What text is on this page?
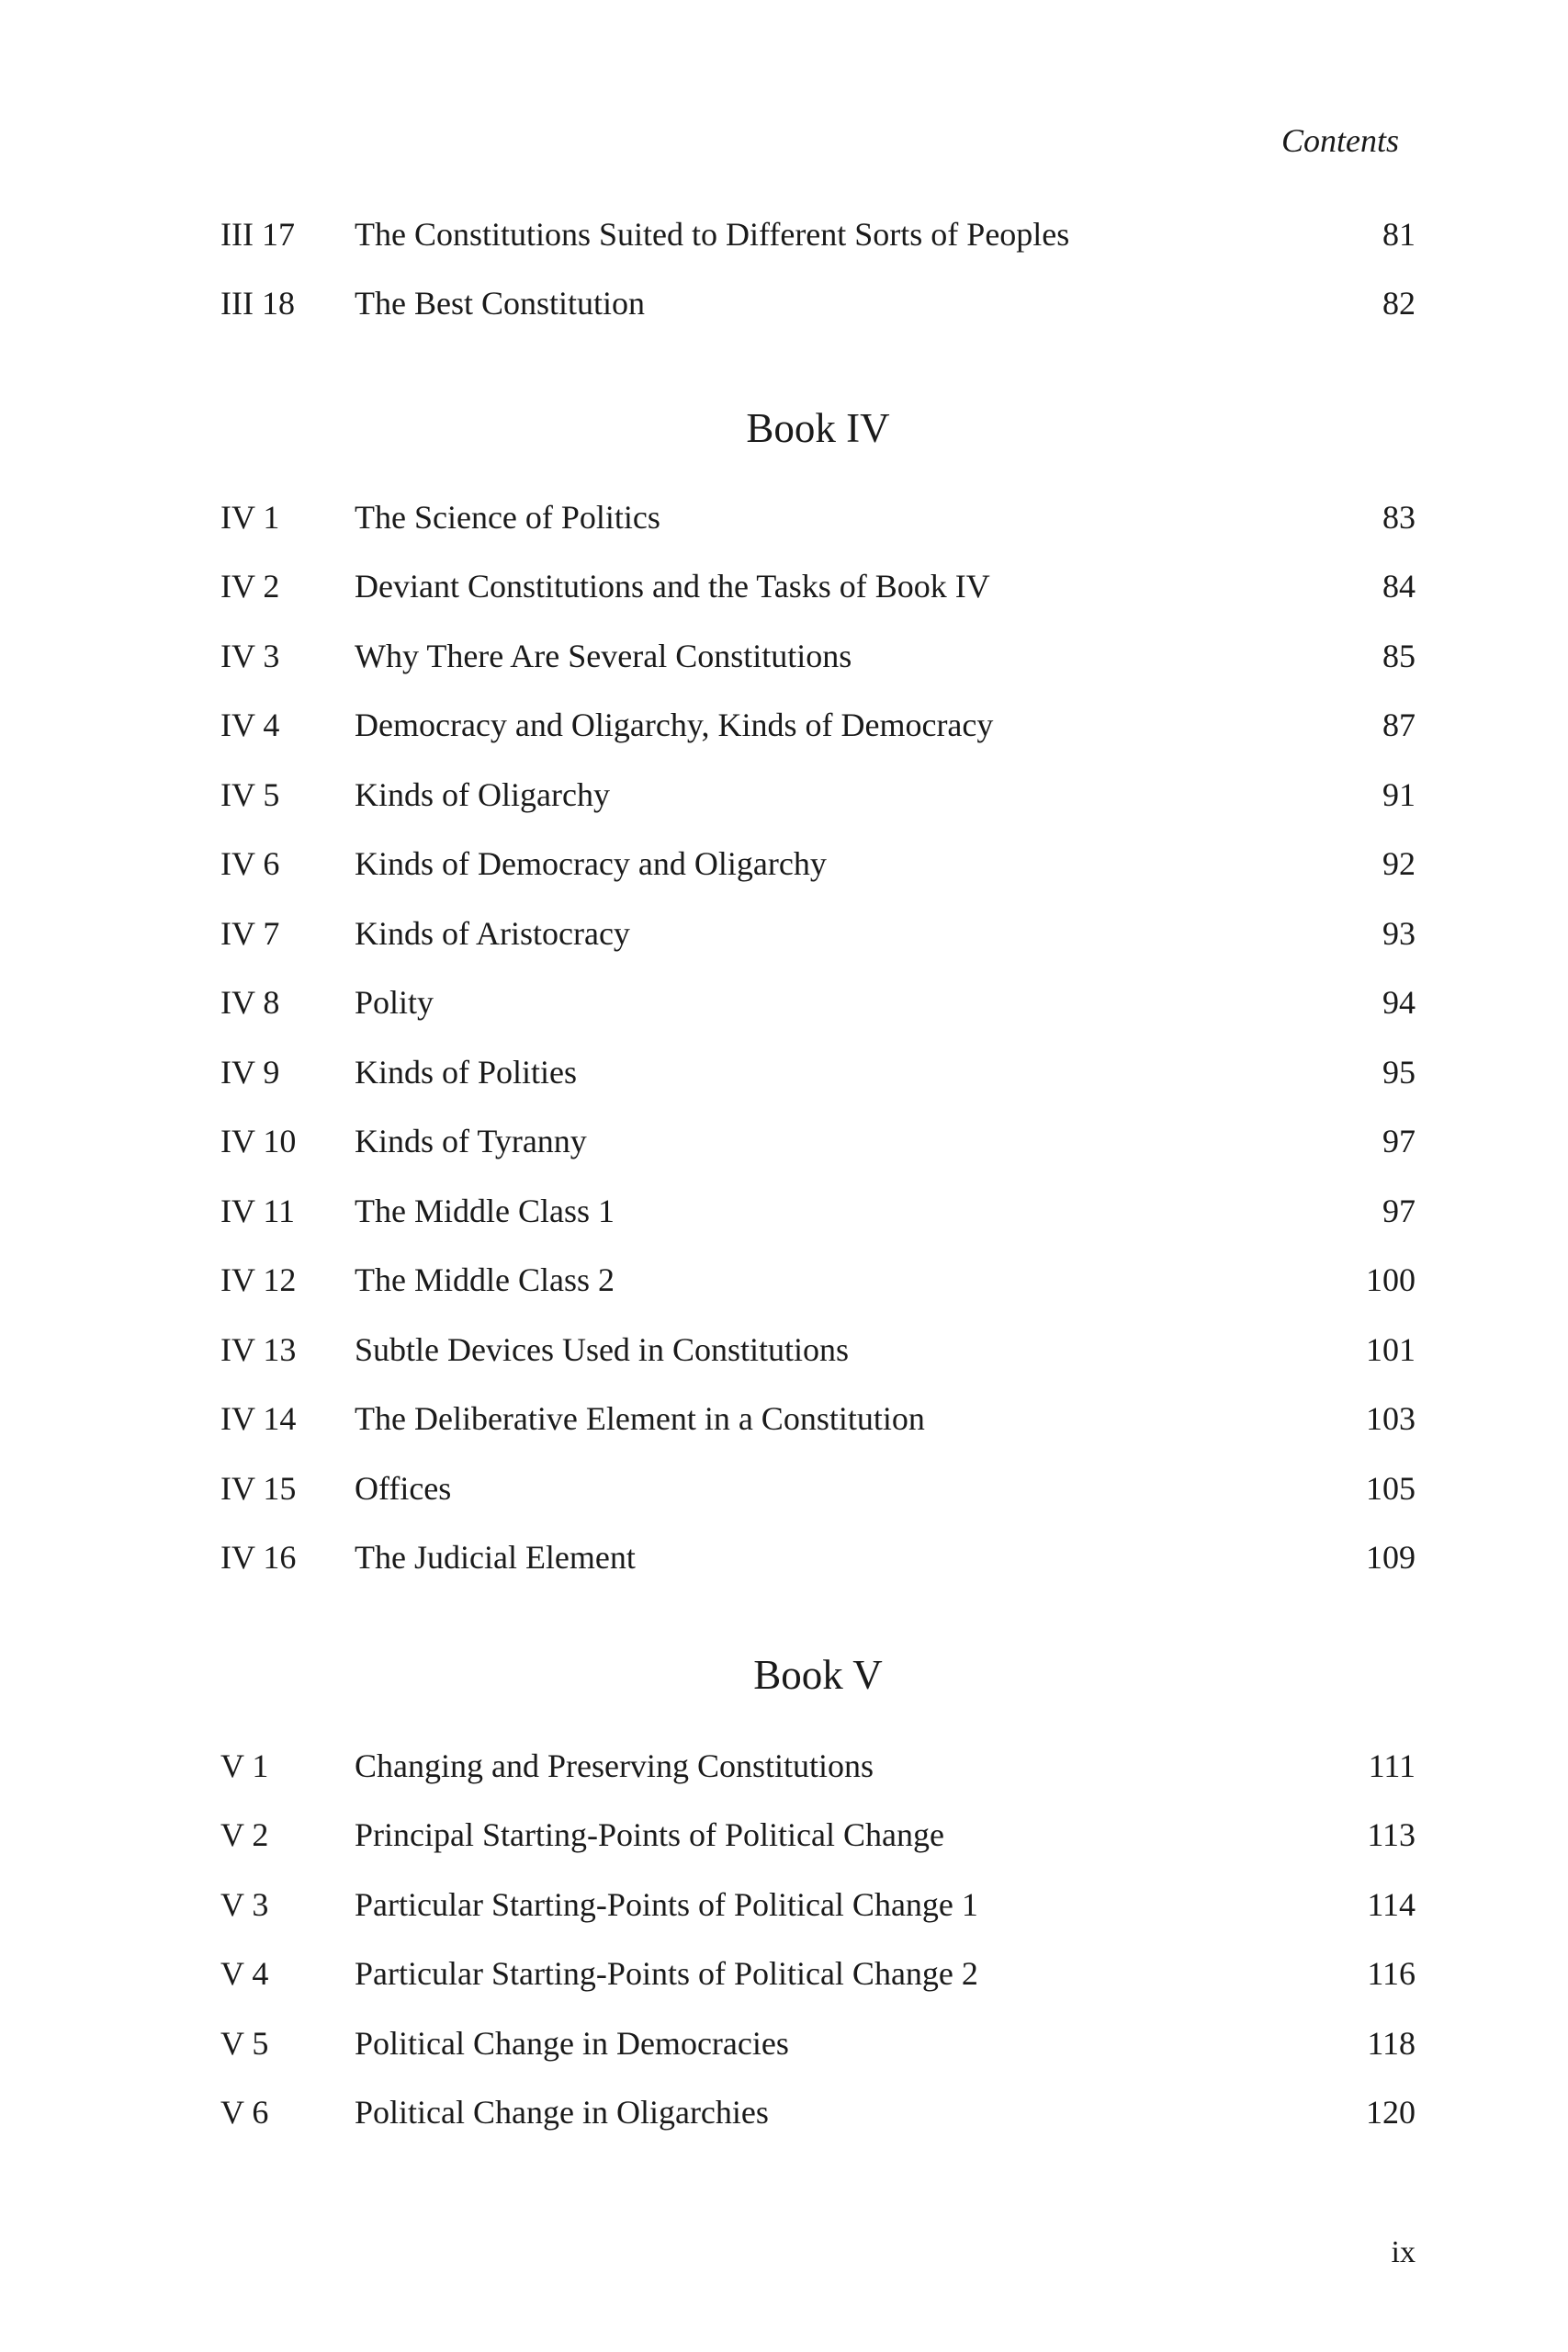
Contents
III 17	The Constitutions Suited to Different Sorts of Peoples	81
III 18	The Best Constitution	82
Book IV
IV 1	The Science of Politics	83
IV 2	Deviant Constitutions and the Tasks of Book IV	84
IV 3	Why There Are Several Constitutions	85
IV 4	Democracy and Oligarchy, Kinds of Democracy	87
IV 5	Kinds of Oligarchy	91
IV 6	Kinds of Democracy and Oligarchy	92
IV 7	Kinds of Aristocracy	93
IV 8	Polity	94
IV 9	Kinds of Polities	95
IV 10	Kinds of Tyranny	97
IV 11	The Middle Class 1	97
IV 12	The Middle Class 2	100
IV 13	Subtle Devices Used in Constitutions	101
IV 14	The Deliberative Element in a Constitution	103
IV 15	Offices	105
IV 16	The Judicial Element	109
Book V
V 1	Changing and Preserving Constitutions	111
V 2	Principal Starting-Points of Political Change	113
V 3	Particular Starting-Points of Political Change 1	114
V 4	Particular Starting-Points of Political Change 2	116
V 5	Political Change in Democracies	118
V 6	Political Change in Oligarchies	120
ix
